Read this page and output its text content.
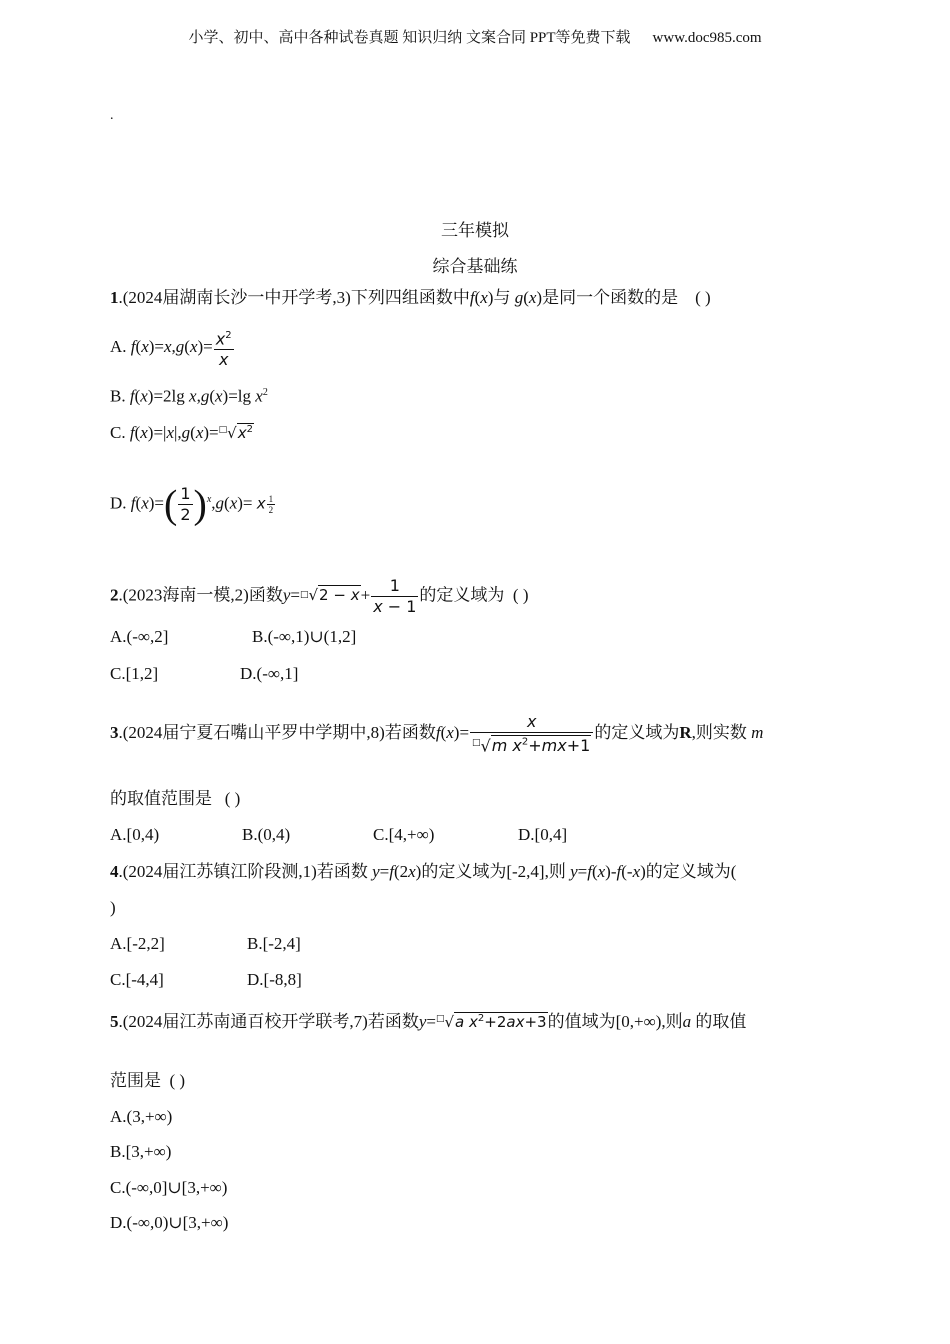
小学、初中、高中各种试卷真题 知识归纳 文案合同 PPT等免费下载 www.doc985.com
.
三年模拟
综合基础练
1.(2024届湖南长沙一中开学考,3)下列四组函数中f(x)与 g(x)是同一个函数的是 ( )
A. $f(x)=x,g(x)= \frac{x^2}{x}$
B. f(x)=2lg x,g(x)=lg $x^2$
C. $f(x)=|x|,g(x)=^□√x^2$
D. $f(x)=( \frac{1}{2} )^x,g(x)= x \frac{1}{2}$
2.(2023海南一模,2)函数$y=^□√2 - x+ \frac{1}{x - 1}$ 的定义域为 ( )
A.(-∞,2]	B.(-∞,1)∪(1,2]
C.[1,2]	D.(-∞,1]
3.(2024届宁夏石嘴山平罗中学期中,8)若函数$f(x)= \frac{x}{^□√m x^2+mx+1}$ 的定义域为R,则实数 m
的取值范围是 ( )
A.[0,4)	B.(0,4)	C.[4,+∞)	D.[0,4]
4.(2024届江苏镇江阶段测,1)若函数 y=f(2x)的定义域为[-2,4],则 y=f(x)-f(-x)的定义域为(
)
A.[-2,2]	B.[-2,4]
C.[-4,4]	D.[-8,8]
5.(2024届江苏南通百校开学联考,7)若函数y=□√a $x^2+2ax+3$的值域为[0,+∞),则a 的取值
范围是 ( )
A.(3,+∞)
B.[3,+∞)
C.(-∞,0]∪[3,+∞)
D.(-∞,0)∪[3,+∞)
